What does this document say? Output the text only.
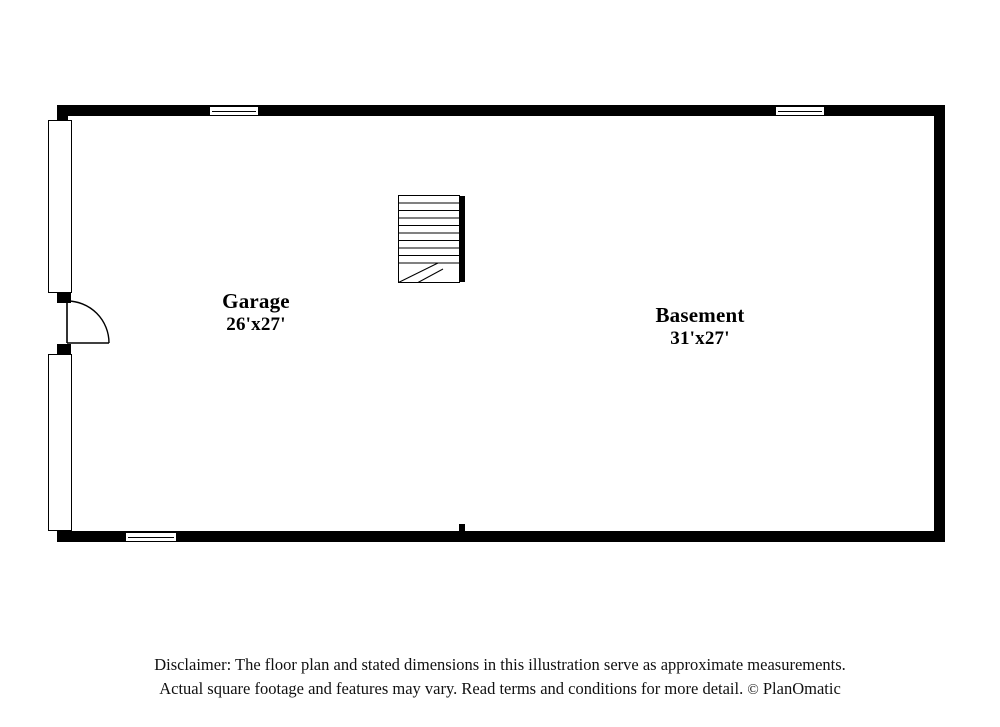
Garage
26'x27'	Basement
31'x27'
Disclaimer: The floor plan and stated dimensions in this illustration serve as approximate measurements.
Actual square footage and features may vary. Read terms and conditions for more detail. © PlanOmatic
